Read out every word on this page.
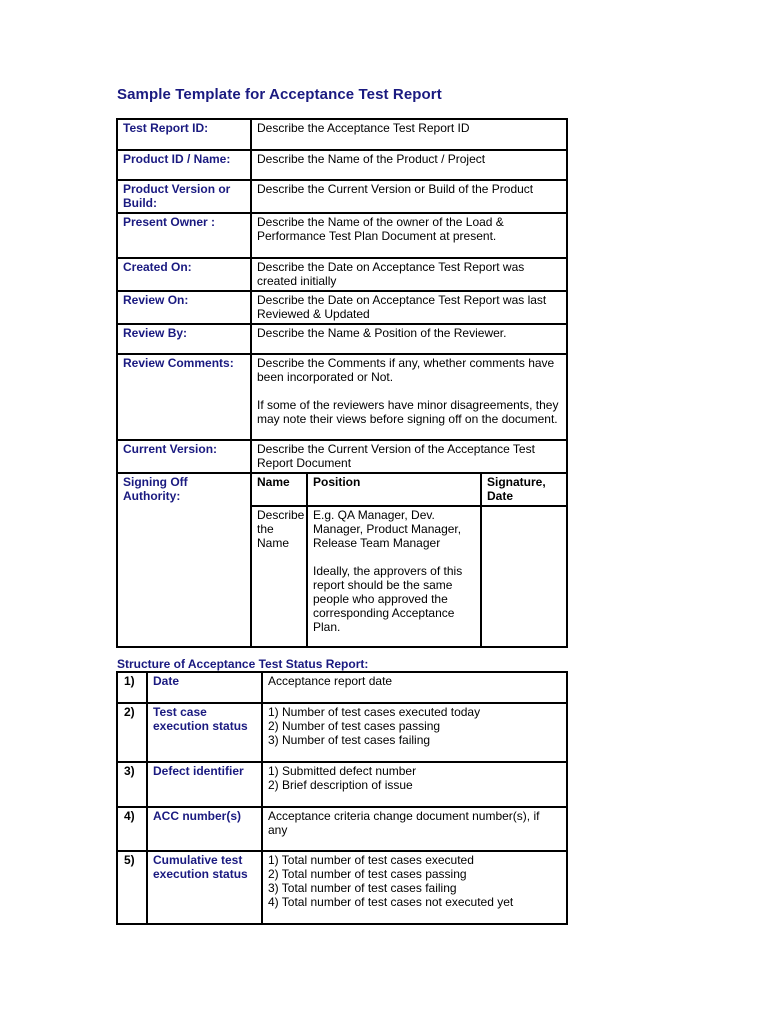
Sample Template for Acceptance Test Report
Test Report ID:	Describe the Acceptance Test Report ID		
Product ID / Name:	Describe the Name of the Product / Project		
Product Version or Build:	Describe the Current Version or Build of the Product		
Present Owner :	Describe the Name of the owner of the Load & Performance Test Plan Document at present.		
Created On:	Describe the Date on Acceptance Test Report was created initially		
Review On:	Describe the Date on Acceptance Test Report was last Reviewed & Updated		
Review By:	Describe the Name & Position of the Reviewer.		
Review Comments:	Describe the Comments if any, whether comments have been incorporated or Not.
If some of the reviewers have minor disagreements, they may note their views before signing off on the document.		

Current Version:	Describe the Current Version of the Acceptance Test Report Document		
Signing Off Authority:	Name	Position	Signature, Date
	Describe the Name	E.g. QA Manager, Dev. Manager, Product Manager, Release Team Manager
Ideally, the approvers of this report should be the same people who approved the corresponding Acceptance Plan.	

Structure of Acceptance Test Status Report:
1)	Date	Acceptance report date

2)	Test case execution status	1) Number of test cases executed today
2) Number of test cases passing
3) Number of test cases failing

3)	Defect identifier	1) Submitted defect number
2) Brief description of issue

4)	ACC number(s)	Acceptance criteria change document number(s), if any

5)	Cumulative test execution status	1) Total number of test cases executed
2) Total number of test cases passing
3) Total number of test cases failing
4) Total number of test cases not executed yet
